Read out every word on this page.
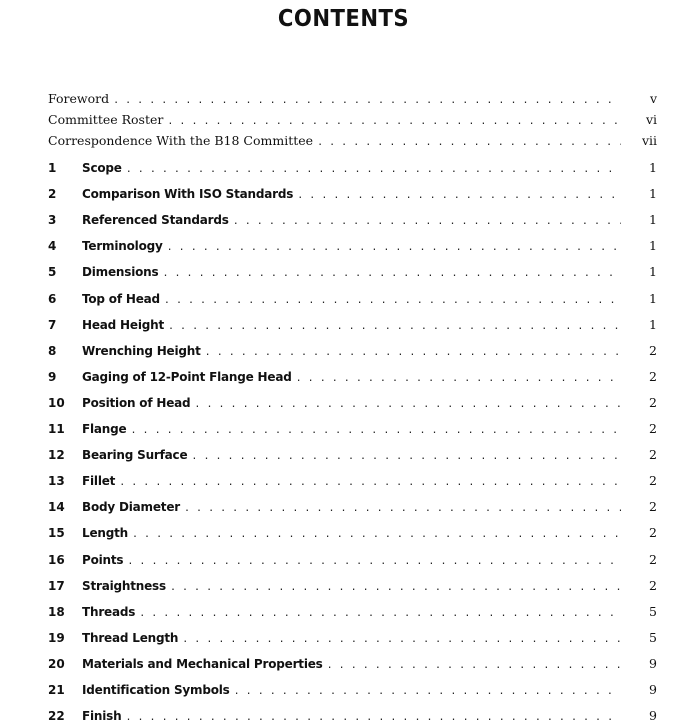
CONTENTS
Foreword . . .	v
Committee Roster . . .	vi
Correspondence With the B18 Committee . . .	vii
1	Scope . . .	1
2	Comparison With ISO Standards . . .	1
3	Referenced Standards . . .	1
4	Terminology . . .	1
5	Dimensions . . .	1
6	Top of Head . . .	1
7	Head Height . . .	1
8	Wrenching Height . . .	2
9	Gaging of 12-Point Flange Head . . .	2
10	Position of Head . . .	2
11	Flange . . .	2
12	Bearing Surface . . .	2
13	Fillet . . .	2
14	Body Diameter . . .	2
15	Length . . .	2
16	Points . . .	2
17	Straightness . . .	2
18	Threads . . .	5
19	Thread Length . . .	5
20	Materials and Mechanical Properties . . .	9
21	Identification Symbols . . .	9
22	Finish . . .	9
